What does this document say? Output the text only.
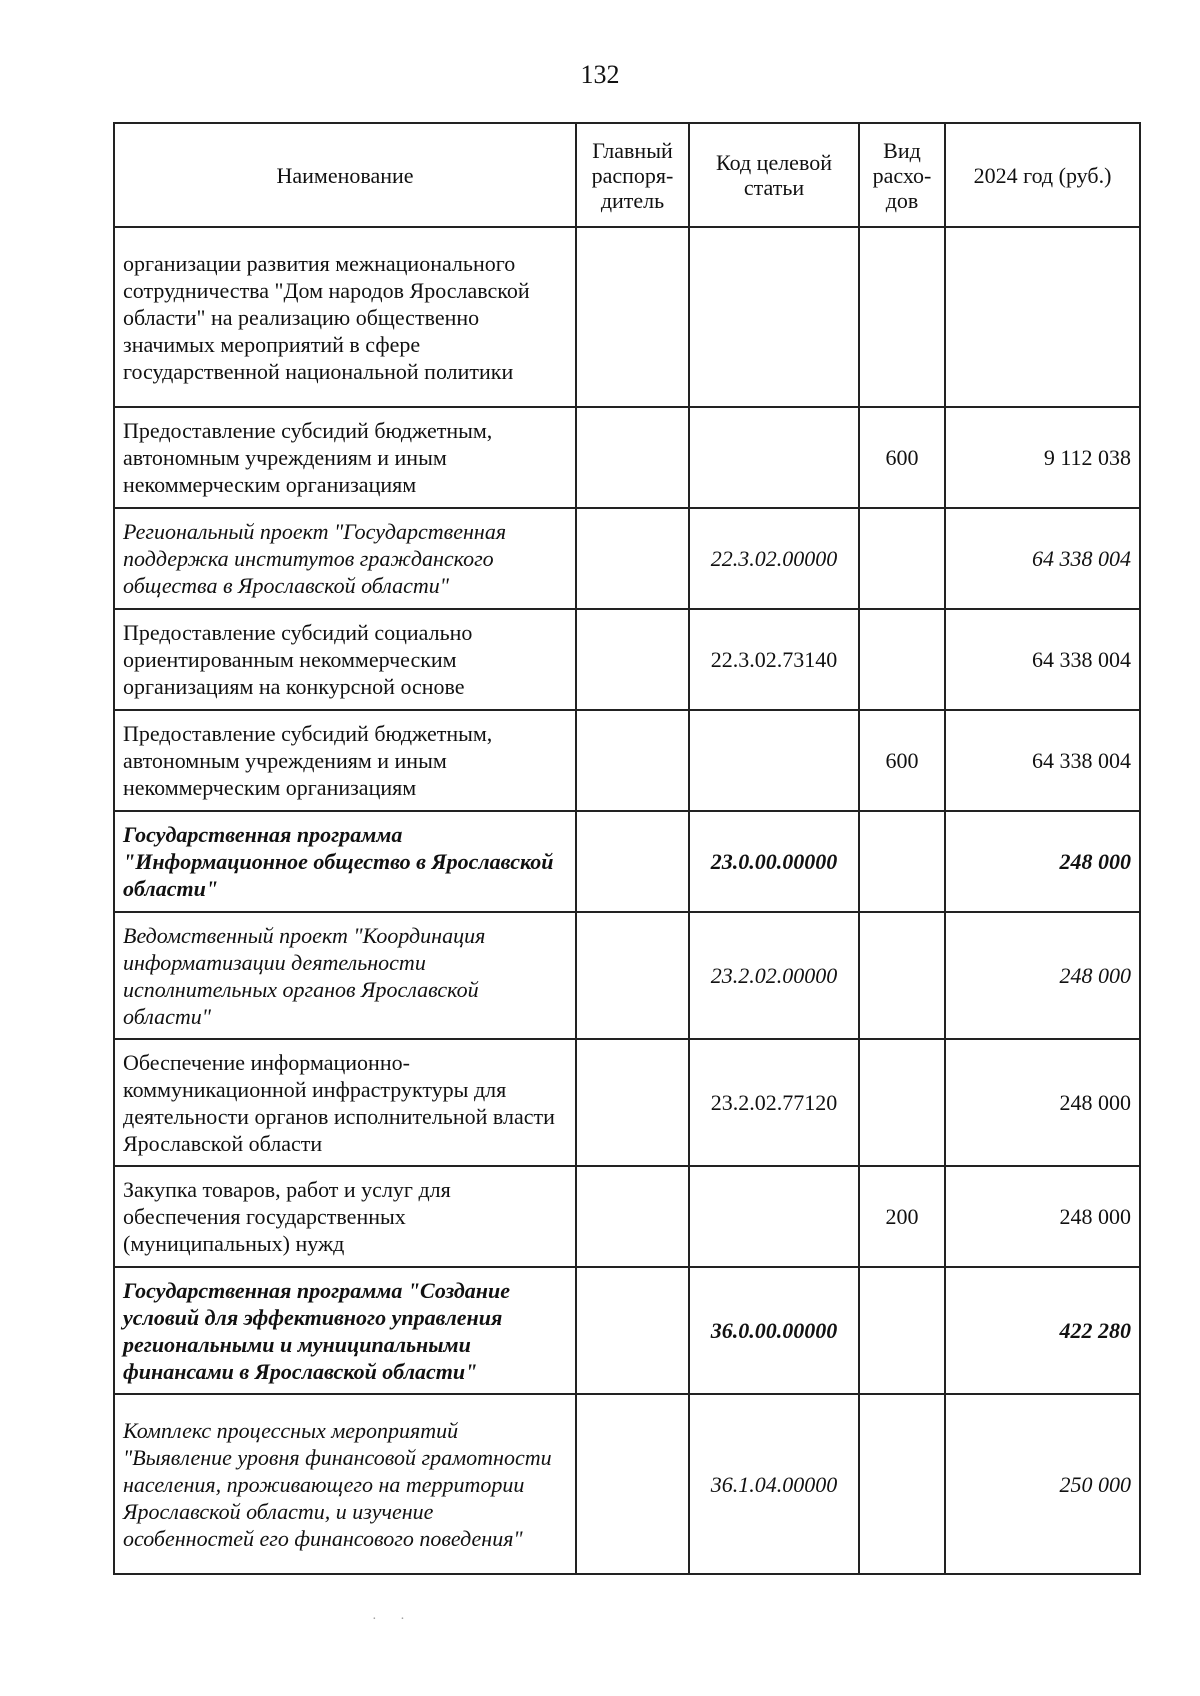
132
Наименование	Главный распоря-дитель	Код целевой статьи	Вид расхо-дов	2024 год (руб.)
организации развития межнационального сотрудничества "Дом народов Ярославской области" на реализацию общественно значимых мероприятий в сфере государственной национальной политики				
Предоставление субсидий бюджетным, автономным учреждениям и иным некоммерческим организациям			600	9 112 038
Региональный проект "Государственная поддержка институтов гражданского общества в Ярославской области"		22.3.02.00000		64 338 004
Предоставление субсидий социально ориентированным некоммерческим организациям на конкурсной основе		22.3.02.73140		64 338 004
Предоставление субсидий бюджетным, автономным учреждениям и иным некоммерческим организациям			600	64 338 004
Государственная программа "Информационное общество в Ярославской области"		23.0.00.00000		248 000
Ведомственный проект "Координация информатизации деятельности исполнительных органов Ярославской области"		23.2.02.00000		248 000
Обеспечение информационно-коммуникационной инфраструктуры для деятельности органов исполнительной власти Ярославской области		23.2.02.77120		248 000
Закупка товаров, работ и услуг для обеспечения государственных (муниципальных) нужд			200	248 000
Государственная программа "Создание условий для эффективного управления региональными и муниципальными финансами в Ярославской области"		36.0.00.00000		422 280
Комплекс процессных мероприятий "Выявление уровня финансовой грамотности населения, проживающего на территории Ярославской области, и изучение особенностей его финансового поведения"		36.1.04.00000		250 000
· ·
